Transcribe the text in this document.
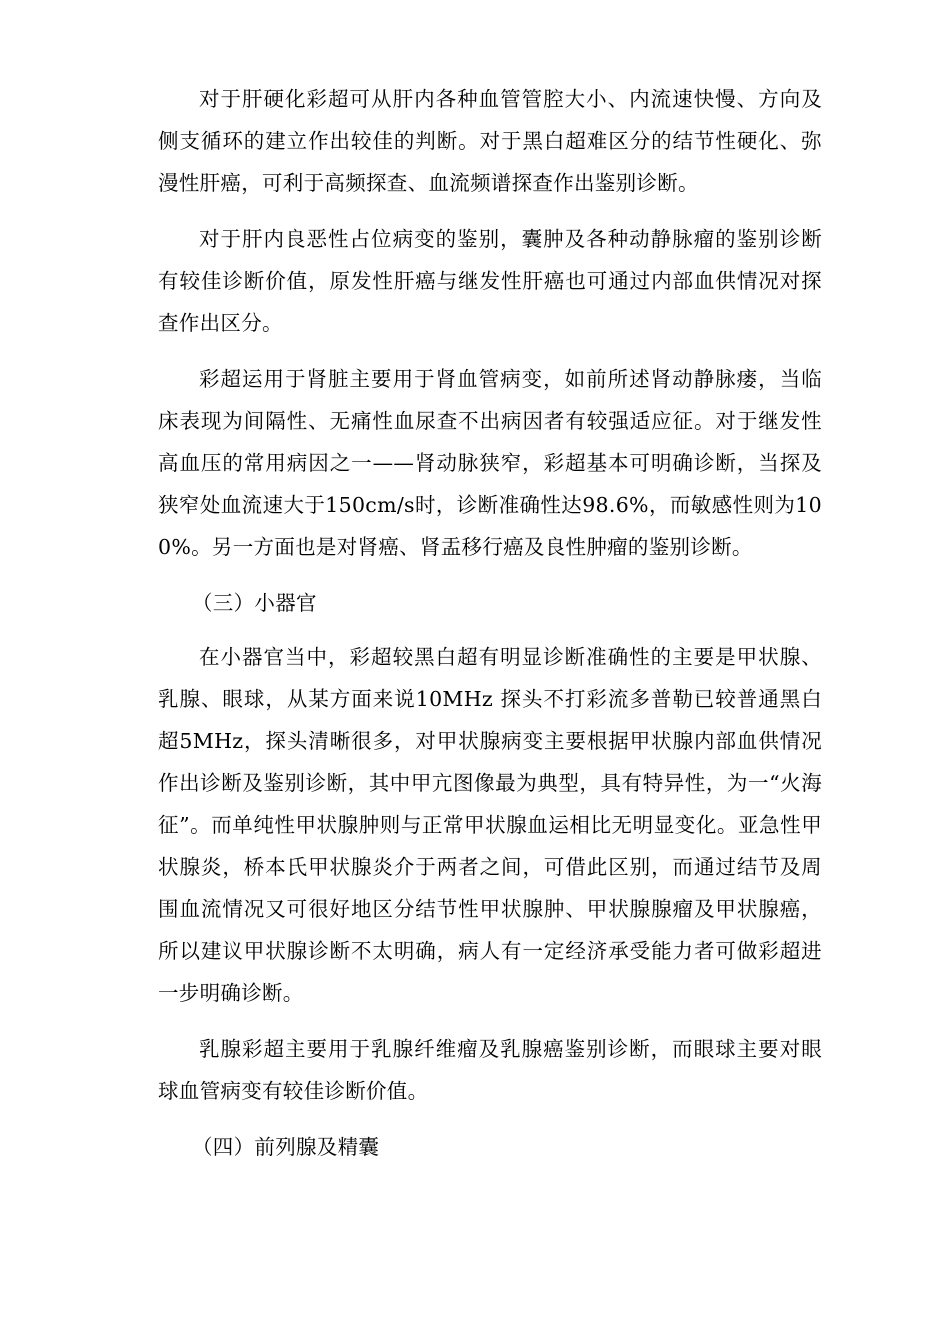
对于肝硬化彩超可从肝内各种血管管腔大小、内流速快慢、方向及侧支循环的建立作出较佳的判断。对于黑白超难区分的结节性硬化、弥漫性肝癌，可利于高频探查、血流频谱探查作出鉴别诊断。

对于肝内良恶性占位病变的鉴别，囊肿及各种动静脉瘤的鉴别诊断有较佳诊断价值，原发性肝癌与继发性肝癌也可通过内部血供情况对探查作出区分。

彩超运用于肾脏主要用于肾血管病变，如前所述肾动静脉瘘，当临床表现为间隔性、无痛性血尿查不出病因者有较强适应征。对于继发性高血压的常用病因之一——肾动脉狭窄，彩超基本可明确诊断，当探及狭窄处血流速大于150cm/s时，诊断准确性达98.6%，而敏感性则为100%。另一方面也是对肾癌、肾盂移行癌及良性肿瘤的鉴别诊断。

（三）小器官

在小器官当中，彩超较黑白超有明显诊断准确性的主要是甲状腺、乳腺、眼球，从某方面来说10MHz 探头不打彩流多普勒已较普通黑白超5MHz，探头清晰很多，对甲状腺病变主要根据甲状腺内部血供情况作出诊断及鉴别诊断，其中甲亢图像最为典型，具有特异性，为一“火海征”。而单纯性甲状腺肿则与正常甲状腺血运相比无明显变化。亚急性甲状腺炎，桥本氏甲状腺炎介于两者之间，可借此区别，而通过结节及周围血流情况又可很好地区分结节性甲状腺肿、甲状腺腺瘤及甲状腺癌，所以建议甲状腺诊断不太明确，病人有一定经济承受能力者可做彩超进一步明确诊断。

乳腺彩超主要用于乳腺纤维瘤及乳腺癌鉴别诊断，而眼球主要对眼球血管病变有较佳诊断价值。

（四）前列腺及精囊
